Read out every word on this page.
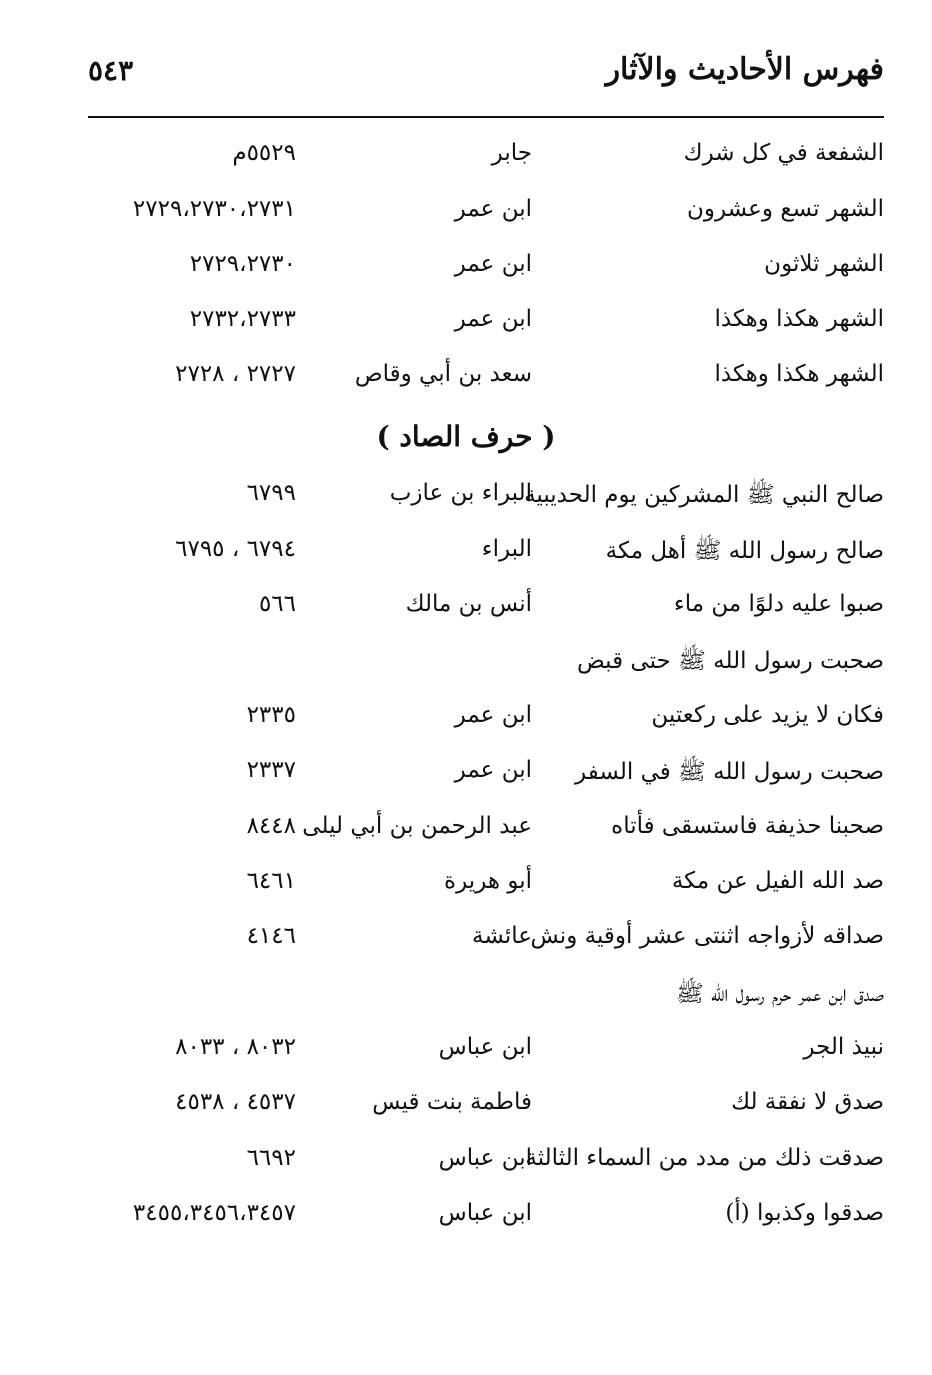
فهرس الأحاديث والآثار
٥٤٣
الشفعة في كل شرك
جابر
٥٥٢٩م
الشهر تسع وعشرون
ابن عمر
٢٧٢٩،٢٧٣٠،٢٧٣١
الشهر ثلاثون
ابن عمر
٢٧٢٩،٢٧٣٠
الشهر هكذا وهكذا
ابن عمر
٢٧٣٢،٢٧٣٣
الشهر هكذا وهكذا
سعد بن أبي وقاص
٢٧٢٧ ، ٢٧٢٨
( حرف الصاد )
صالح النبي ﷺ المشركين يوم الحديبية
البراء بن عازب
٦٧٩٩
صالح رسول الله ﷺ أهل مكة
البراء
٦٧٩٤ ، ٦٧٩٥
صبوا عليه دلوًا من ماء
أنس بن مالك
٥٦٦
صحبت رسول الله ﷺ حتى قبض
فكان لا يزيد على ركعتين
ابن عمر
٢٣٣٥
صحبت رسول الله ﷺ في السفر
ابن عمر
٢٣٣٧
صحبنا حذيفة فاستسقى فأتاه
عبد الرحمن بن أبي ليلى
٨٤٤٨
صد الله الفيل عن مكة
أبو هريرة
٦٤٦١
صداقه لأزواجه اثنتى عشر أوقية ونش
عائشة
٤١٤٦
صدق ابن عمر حرم رسول الله ﷺ
نبيذ الجر
ابن عباس
٨٠٣٢ ، ٨٠٣٣
صدق لا نفقة لك
فاطمة بنت قيس
٤٥٣٧ ، ٤٥٣٨
صدقت ذلك من مدد من السماء الثالثة
ابن عباس
٦٦٩٢
صدقوا وكذبوا (أ)
ابن عباس
٣٤٥٥،٣٤٥٦،٣٤٥٧
